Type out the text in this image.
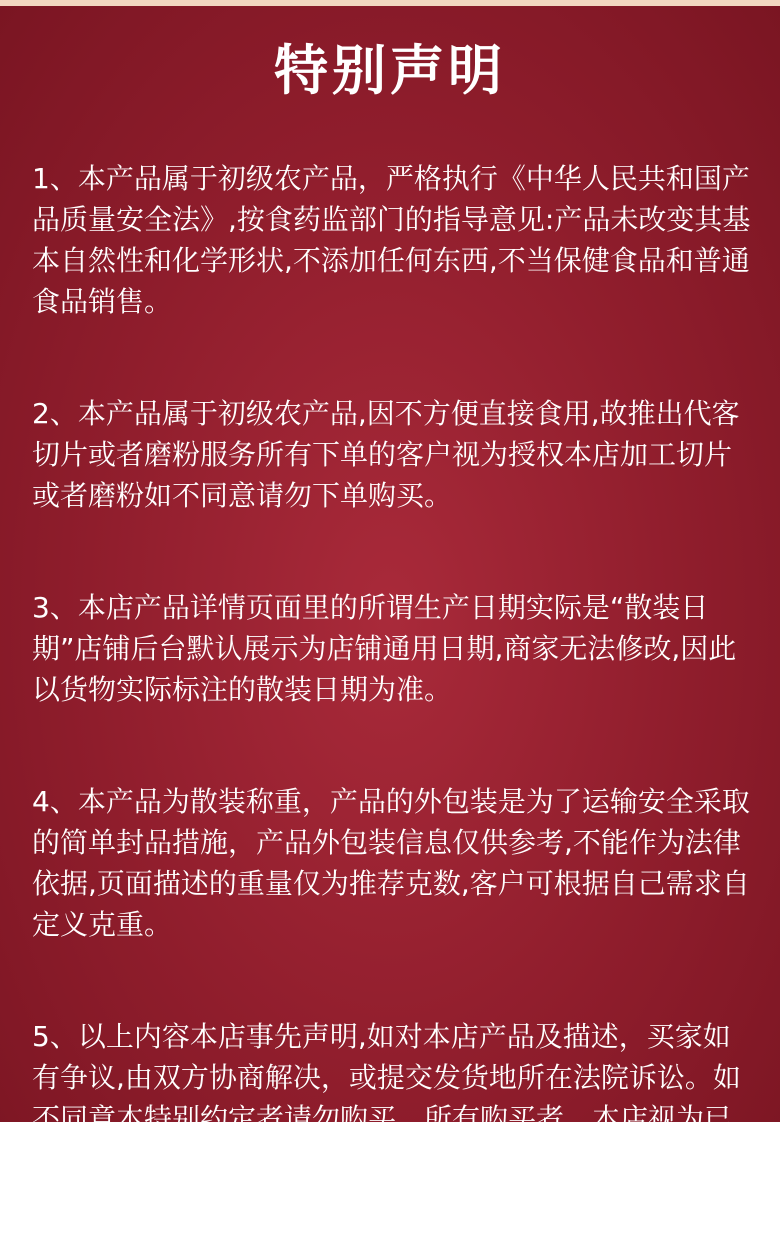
特别声明

1、本产品属于初级农产品，严格执行《中华人民共和国产品质量安全法》,按食药监部门的指导意见:产品未改变其基本自然性和化学形状,不添加任何东西,不当保健食品和普通食品销售。

2、本产品属于初级农产品,因不方便直接食用,故推出代客切片或者磨粉服务所有下单的客户视为授权本店加工切片或者磨粉如不同意请勿下单购买。

3、本店产品详情页面里的所谓生产日期实际是“散装日期”店铺后台默认展示为店铺通用日期,商家无法修改,因此以货物实际标注的散装日期为准。

4、本产品为散装称重，产品的外包装是为了运输安全采取的简单封品措施，产品外包装信息仅供参考,不能作为法律依据,页面描述的重量仅为推荐克数,客户可根据自己需求自定义克重。

5、以上内容本店事先声明,如对本店产品及描述，买家如有争议,由双方协商解决，或提交发货地所在法院诉讼。如不同意本特别约定者请勿购买。所有购买者，本店视为已同意约定。
